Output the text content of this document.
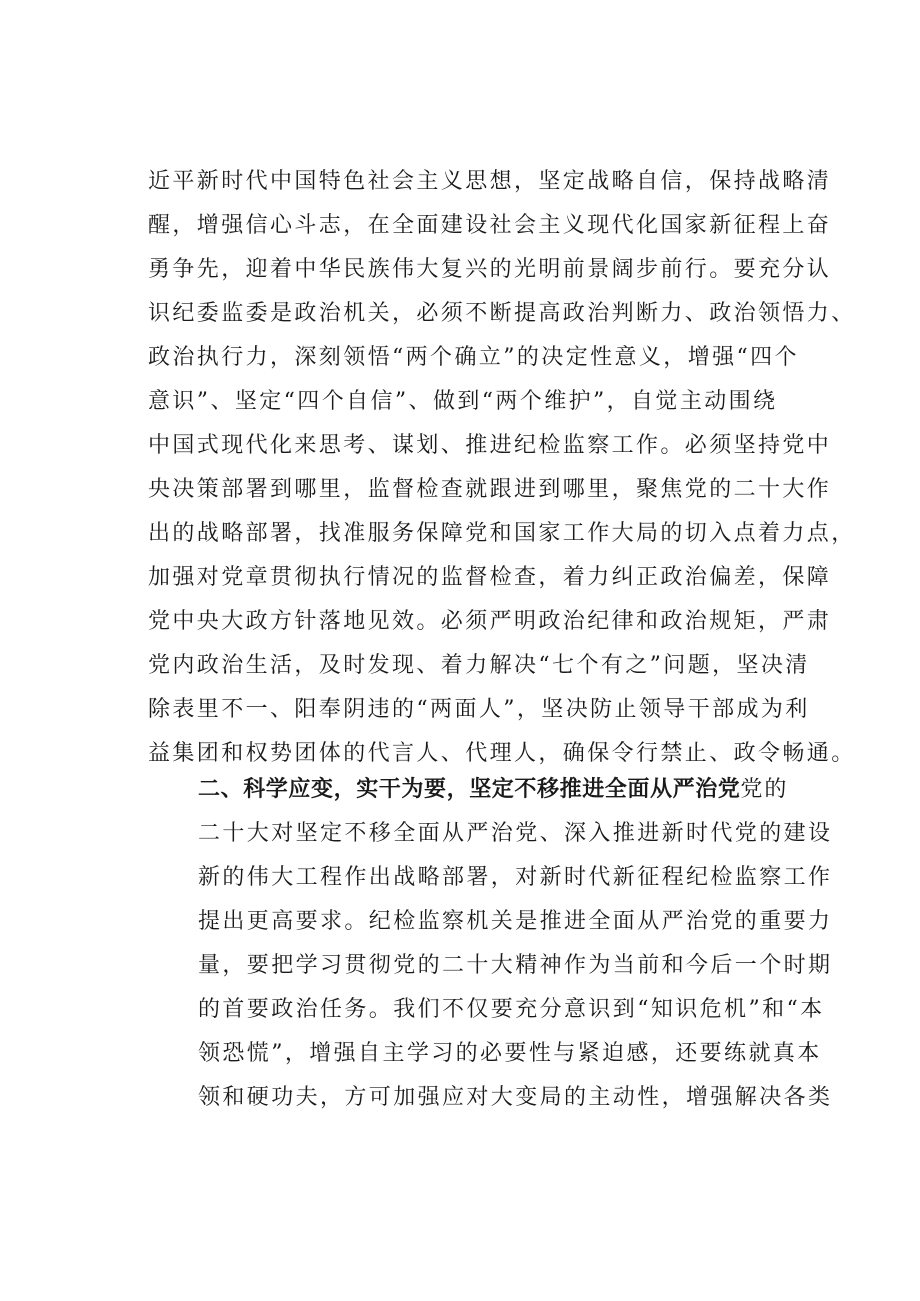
近平新时代中国特色社会主义思想，坚定战略自信，保持战略清
醒，增强信心斗志，在全面建设社会主义现代化国家新征程上奋
勇争先，迎着中华民族伟大复兴的光明前景阔步前行。要充分认
识纪委监委是政治机关，必须不断提高政治判断力、政治领悟力、
政治执行力，深刻领悟“两个确立”的决定性意义，增强“四个
意识”、坚定“四个自信”、做到“两个维护”，自觉主动围绕
中国式现代化来思考、谋划、推进纪检监察工作。必须坚持党中
央决策部署到哪里，监督检查就跟进到哪里，聚焦党的二十大作
出的战略部署，找准服务保障党和国家工作大局的切入点着力点，
加强对党章贯彻执行情况的监督检查，着力纠正政治偏差，保障
党中央大政方针落地见效。必须严明政治纪律和政治规矩，严肃
党内政治生活，及时发现、着力解决“七个有之”问题，坚决清
除表里不一、阳奉阴违的“两面人”，坚决防止领导干部成为利
益集团和权势团体的代言人、代理人，确保令行禁止、政令畅通。
二、科学应变，实干为要，坚定不移推进全面从严治党党的
二十大对坚定不移全面从严治党、深入推进新时代党的建设
新的伟大工程作出战略部署，对新时代新征程纪检监察工作
提出更高要求。纪检监察机关是推进全面从严治党的重要力
量，要把学习贯彻党的二十大精神作为当前和今后一个时期
的首要政治任务。我们不仅要充分意识到“知识危机”和“本
领恐慌”，增强自主学习的必要性与紧迫感，还要练就真本
领和硬功夫，方可加强应对大变局的主动性，增强解决各类
